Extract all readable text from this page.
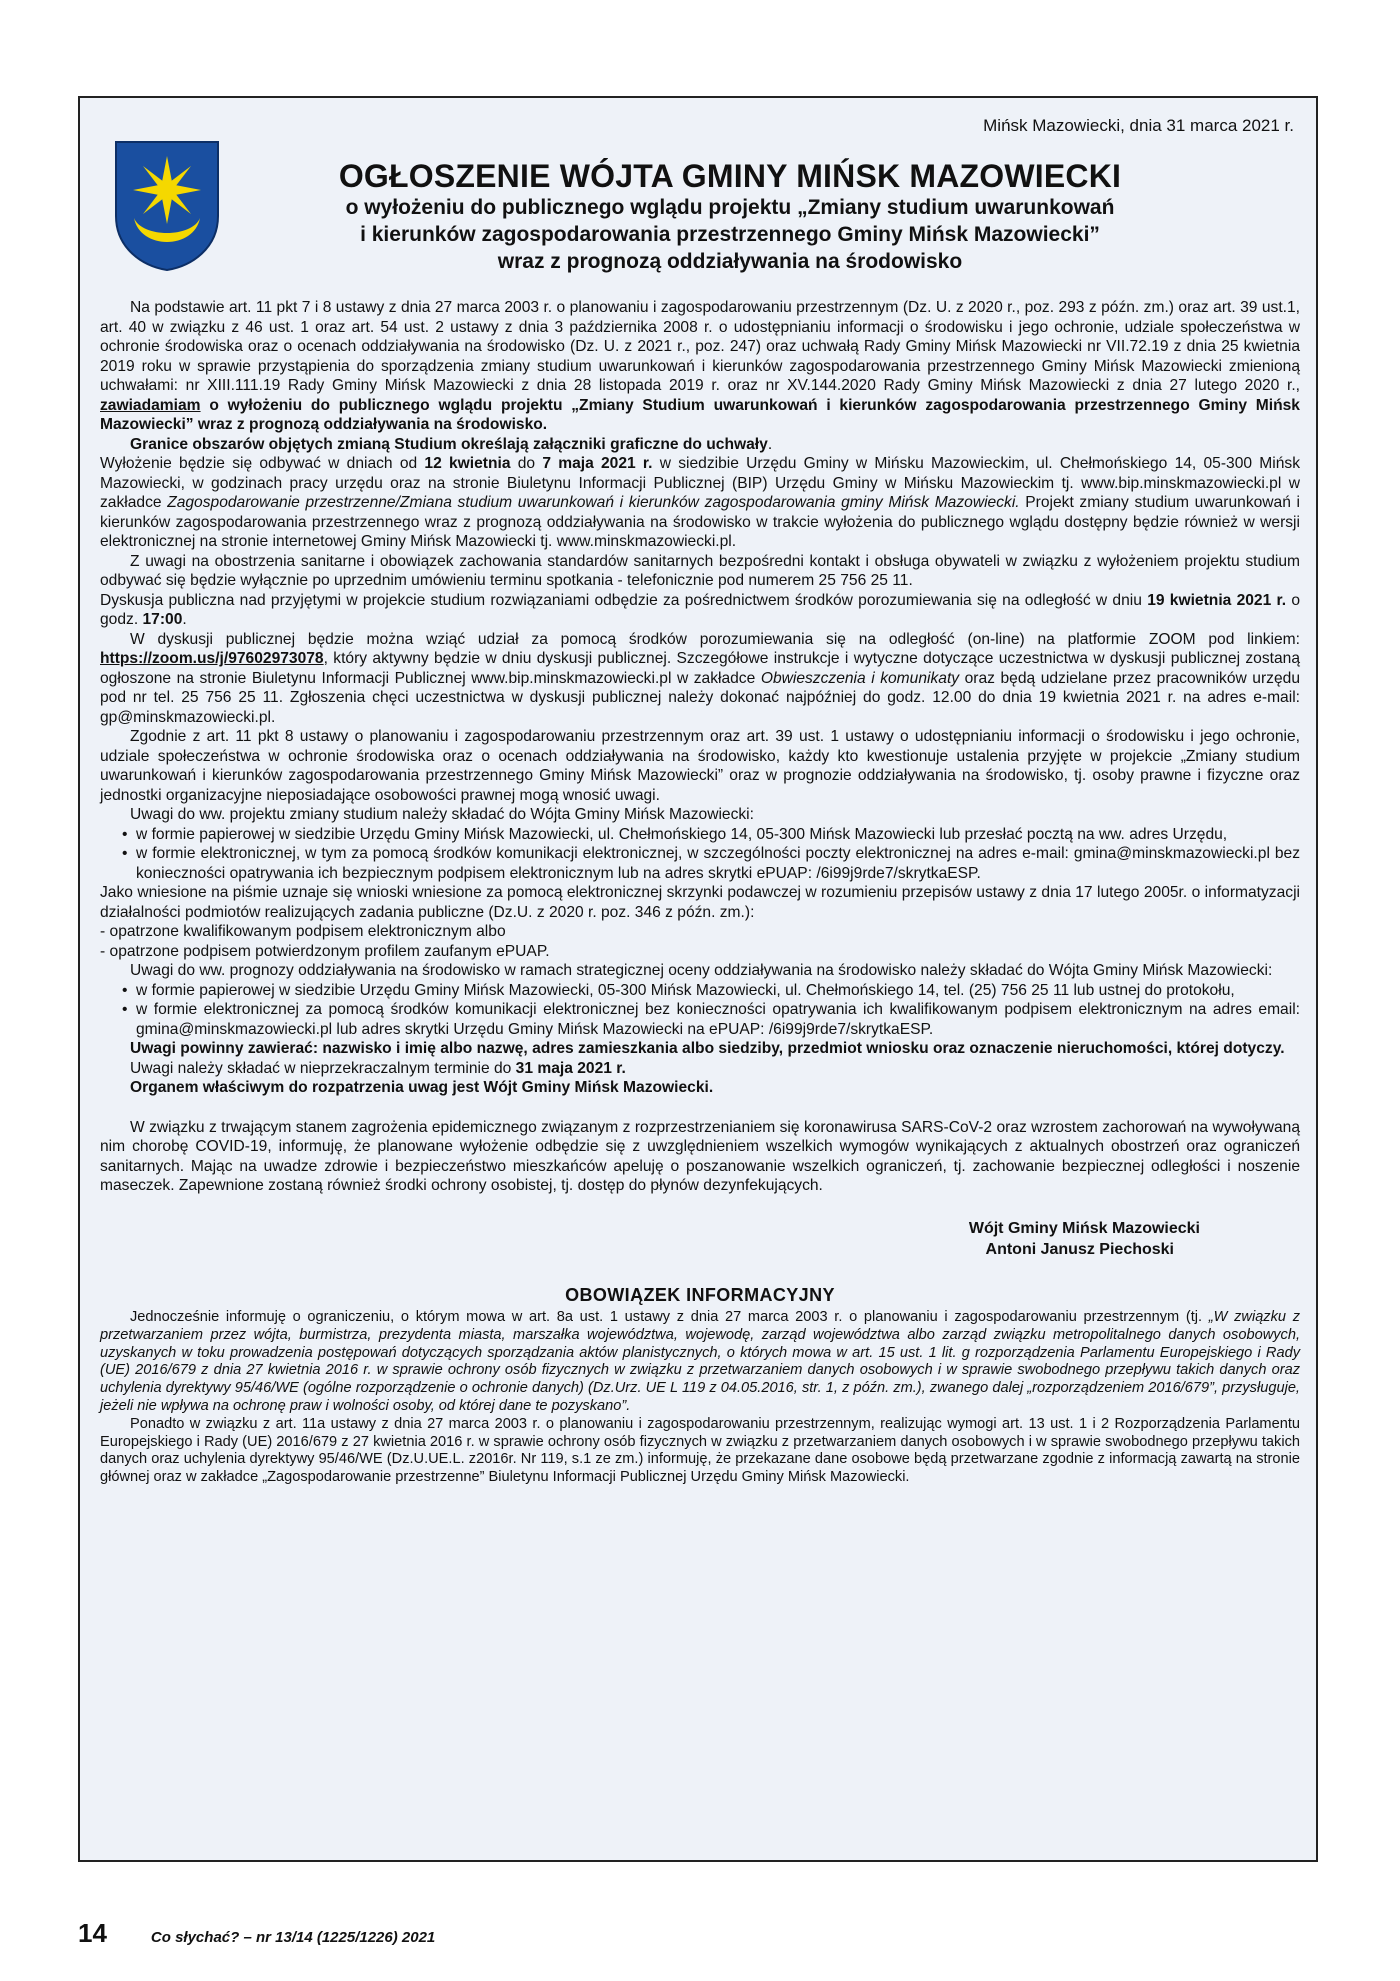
Mińsk Mazowiecki, dnia 31 marca 2021 r.
OGŁOSZENIE WÓJTA GMINY MIŃSK MAZOWIECKI
o wyłożeniu do publicznego wglądu projektu „Zmiany studium uwarunkowań
i kierunków zagospodarowania przestrzennego Gminy Mińsk Mazowiecki”
wraz z prognozą oddziaływania na środowisko

Na podstawie art. 11 pkt 7 i 8 ustawy z dnia 27 marca 2003 r. o planowaniu i zagospodarowaniu przestrzennym (Dz. U. z 2020 r., poz. 293 z późn. zm.) oraz art. 39 ust.1, art. 40 w związku z 46 ust. 1 oraz art. 54 ust. 2 ustawy z dnia 3 października 2008 r. o udostępnianiu informacji o środowisku i jego ochronie, udziale społeczeństwa w ochronie środowiska oraz o ocenach oddziaływania na środowisko (Dz. U. z 2021 r., poz. 247) oraz uchwałą Rady Gminy Mińsk Mazowiecki nr VII.72.19 z dnia 25 kwietnia 2019 roku w sprawie przystąpienia do sporządzenia zmiany studium uwarunkowań i kierunków zagospodarowania przestrzennego Gminy Mińsk Mazowiecki zmienioną uchwałami: nr XIII.111.19 Rady Gminy Mińsk Mazowiecki z dnia 28 listopada 2019 r. oraz nr XV.144.2020 Rady Gminy Mińsk Mazowiecki z dnia 27 lutego 2020 r., zawiadamiam o wyłożeniu do publicznego wglądu projektu „Zmiany Studium uwarunkowań i kierunków zagospodarowania przestrzennego Gminy Mińsk Mazowiecki” wraz z prognozą oddziaływania na środowisko.

Granice obszarów objętych zmianą Studium określają załączniki graficzne do uchwały.

Wyłożenie będzie się odbywać w dniach od 12 kwietnia do 7 maja 2021 r. w siedzibie Urzędu Gminy w Mińsku Mazowieckim, ul. Chełmońskiego 14, 05-300 Mińsk Mazowiecki, w godzinach pracy urzędu oraz na stronie Biuletynu Informacji Publicznej (BIP) Urzędu Gminy w Mińsku Mazowieckim tj. www.bip.minskmazowiecki.pl w zakładce Zagospodarowanie przestrzenne/Zmiana studium uwarunkowań i kierunków zagospodarowania gminy Mińsk Mazowiecki. Projekt zmiany studium uwarunkowań i kierunków zagospodarowania przestrzennego wraz z prognozą oddziaływania na środowisko w trakcie wyłożenia do publicznego wglądu dostępny będzie również w wersji elektronicznej na stronie internetowej Gminy Mińsk Mazowiecki tj. www.minskmazowiecki.pl.

Z uwagi na obostrzenia sanitarne i obowiązek zachowania standardów sanitarnych bezpośredni kontakt i obsługa obywateli w związku z wyłożeniem projektu studium odbywać się będzie wyłącznie po uprzednim umówieniu terminu spotkania - telefonicznie pod numerem 25 756 25 11.

Dyskusja publiczna nad przyjętymi w projekcie studium rozwiązaniami odbędzie za pośrednictwem środków porozumiewania się na odległość w dniu 19 kwietnia 2021 r. o godz. 17:00.

W dyskusji publicznej będzie można wziąć udział za pomocą środków porozumiewania się na odległość (on-line) na platformie ZOOM pod linkiem: https://zoom.us/j/97602973078, który aktywny będzie w dniu dyskusji publicznej. Szczegółowe instrukcje i wytyczne dotyczące uczestnictwa w dyskusji publicznej zostaną ogłoszone na stronie Biuletynu Informacji Publicznej www.bip.minskmazowiecki.pl w zakładce Obwieszczenia i komunikaty oraz będą udzielane przez pracowników urzędu pod nr tel. 25 756 25 11. Zgłoszenia chęci uczestnictwa w dyskusji publicznej należy dokonać najpóźniej do godz. 12.00 do dnia 19 kwietnia 2021 r. na adres e-mail: gp@minskmazowiecki.pl.

Zgodnie z art. 11 pkt 8 ustawy o planowaniu i zagospodarowaniu przestrzennym oraz art. 39 ust. 1 ustawy o udostępnianiu informacji o środowisku i jego ochronie, udziale społeczeństwa w ochronie środowiska oraz o ocenach oddziaływania na środowisko, każdy kto kwestionuje ustalenia przyjęte w projekcie „Zmiany studium uwarunkowań i kierunków zagospodarowania przestrzennego Gminy Mińsk Mazowiecki” oraz w prognozie oddziaływania na środowisko, tj. osoby prawne i fizyczne oraz jednostki organizacyjne nieposiadające osobowości prawnej mogą wnosić uwagi.

Uwagi do ww. projektu zmiany studium należy składać do Wójta Gminy Mińsk Mazowiecki:

• w formie papierowej w siedzibie Urzędu Gminy Mińsk Mazowiecki, ul. Chełmońskiego 14, 05-300 Mińsk Mazowiecki lub przesłać pocztą na ww. adres Urzędu,
• w formie elektronicznej, w tym za pomocą środków komunikacji elektronicznej, w szczególności poczty elektronicznej na adres e-mail: gmina@minskmazowiecki.pl bez konieczności opatrywania ich bezpiecznym podpisem elektronicznym lub na adres skrytki ePUAP: /6i99j9rde7/skrytkaESP.

Jako wniesione na piśmie uznaje się wnioski wniesione za pomocą elektronicznej skrzynki podawczej w rozumieniu przepisów ustawy z dnia 17 lutego 2005r. o informatyzacji działalności podmiotów realizujących zadania publiczne (Dz.U. z 2020 r. poz. 346 z późn. zm.):

- opatrzone kwalifikowanym podpisem elektronicznym albo

- opatrzone podpisem potwierdzonym profilem zaufanym ePUAP.

Uwagi do ww. prognozy oddziaływania na środowisko w ramach strategicznej oceny oddziaływania na środowisko należy składać do Wójta Gminy Mińsk Mazowiecki:

• w formie papierowej w siedzibie Urzędu Gminy Mińsk Mazowiecki, 05-300 Mińsk Mazowiecki, ul. Chełmońskiego 14, tel. (25) 756 25 11 lub ustnej do protokołu,
• w formie elektronicznej za pomocą środków komunikacji elektronicznej bez konieczności opatrywania ich kwalifikowanym podpisem elektronicznym na adres email: gmina@minskmazowiecki.pl lub adres skrytki Urzędu Gminy Mińsk Mazowiecki na ePUAP: /6i99j9rde7/skrytkaESP.

Uwagi powinny zawierać: nazwisko i imię albo nazwę, adres zamieszkania albo siedziby, przedmiot wniosku oraz oznaczenie nieruchomości, której dotyczy.

Uwagi należy składać w nieprzekraczalnym terminie do 31 maja 2021 r.

Organem właściwym do rozpatrzenia uwag jest Wójt Gminy Mińsk Mazowiecki.

W związku z trwającym stanem zagrożenia epidemicznego związanym z rozprzestrzenianiem się koronawirusa SARS-CoV-2 oraz wzrostem zachorowań na wywoływaną nim chorobę COVID-19, informuję, że planowane wyłożenie odbędzie się z uwzględnieniem wszelkich wymogów wynikających z aktualnych obostrzeń oraz ograniczeń sanitarnych. Mając na uwadze zdrowie i bezpieczeństwo mieszkańców apeluję o poszanowanie wszelkich ograniczeń, tj. zachowanie bezpiecznej odległości i noszenie maseczek. Zapewnione zostaną również środki ochrony osobistej, tj. dostęp do płynów dezynfekujących.

Wójt Gminy Mińsk Mazowiecki
Antoni Janusz Piechoski
OBOWIĄZEK INFORMACYJNY

Jednocześnie informuję o ograniczeniu, o którym mowa w art. 8a ust. 1 ustawy z dnia 27 marca 2003 r. o planowaniu i zagospodarowaniu przestrzennym (tj. „W związku z przetwarzaniem przez wójta, burmistrza, prezydenta miasta, marszałka województwa, wojewodę, zarząd województwa albo zarząd związku metropolitalnego danych osobowych, uzyskanych w toku prowadzenia postępowań dotyczących sporządzania aktów planistycznych, o których mowa w art. 15 ust. 1 lit. g rozporządzenia Parlamentu Europejskiego i Rady (UE) 2016/679 z dnia 27 kwietnia 2016 r. w sprawie ochrony osób fizycznych w związku z przetwarzaniem danych osobowych i w sprawie swobodnego przepływu takich danych oraz uchylenia dyrektywy 95/46/WE (ogólne rozporządzenie o ochronie danych) (Dz.Urz. UE L 119 z 04.05.2016, str. 1, z późn. zm.), zwanego dalej „rozporządzeniem 2016/679”, przysługuje, jeżeli nie wpływa na ochronę praw i wolności osoby, od której dane te pozyskano”.

Ponadto w związku z art. 11a ustawy z dnia 27 marca 2003 r. o planowaniu i zagospodarowaniu przestrzennym, realizując wymogi art. 13 ust. 1 i 2 Rozporządzenia Parlamentu Europejskiego i Rady (UE) 2016/679 z 27 kwietnia 2016 r. w sprawie ochrony osób fizycznych w związku z przetwarzaniem danych osobowych i w sprawie swobodnego przepływu takich danych oraz uchylenia dyrektywy 95/46/WE (Dz.U.UE.L. z2016r. Nr 119, s.1 ze zm.) informuję, że przekazane dane osobowe będą przetwarzane zgodnie z informacją zawartą na stronie głównej oraz w zakładce „Zagospodarowanie przestrzenne” Biuletynu Informacji Publicznej Urzędu Gminy Mińsk Mazowiecki.

14	Co słychać? – nr 13/14 (1225/1226) 2021
